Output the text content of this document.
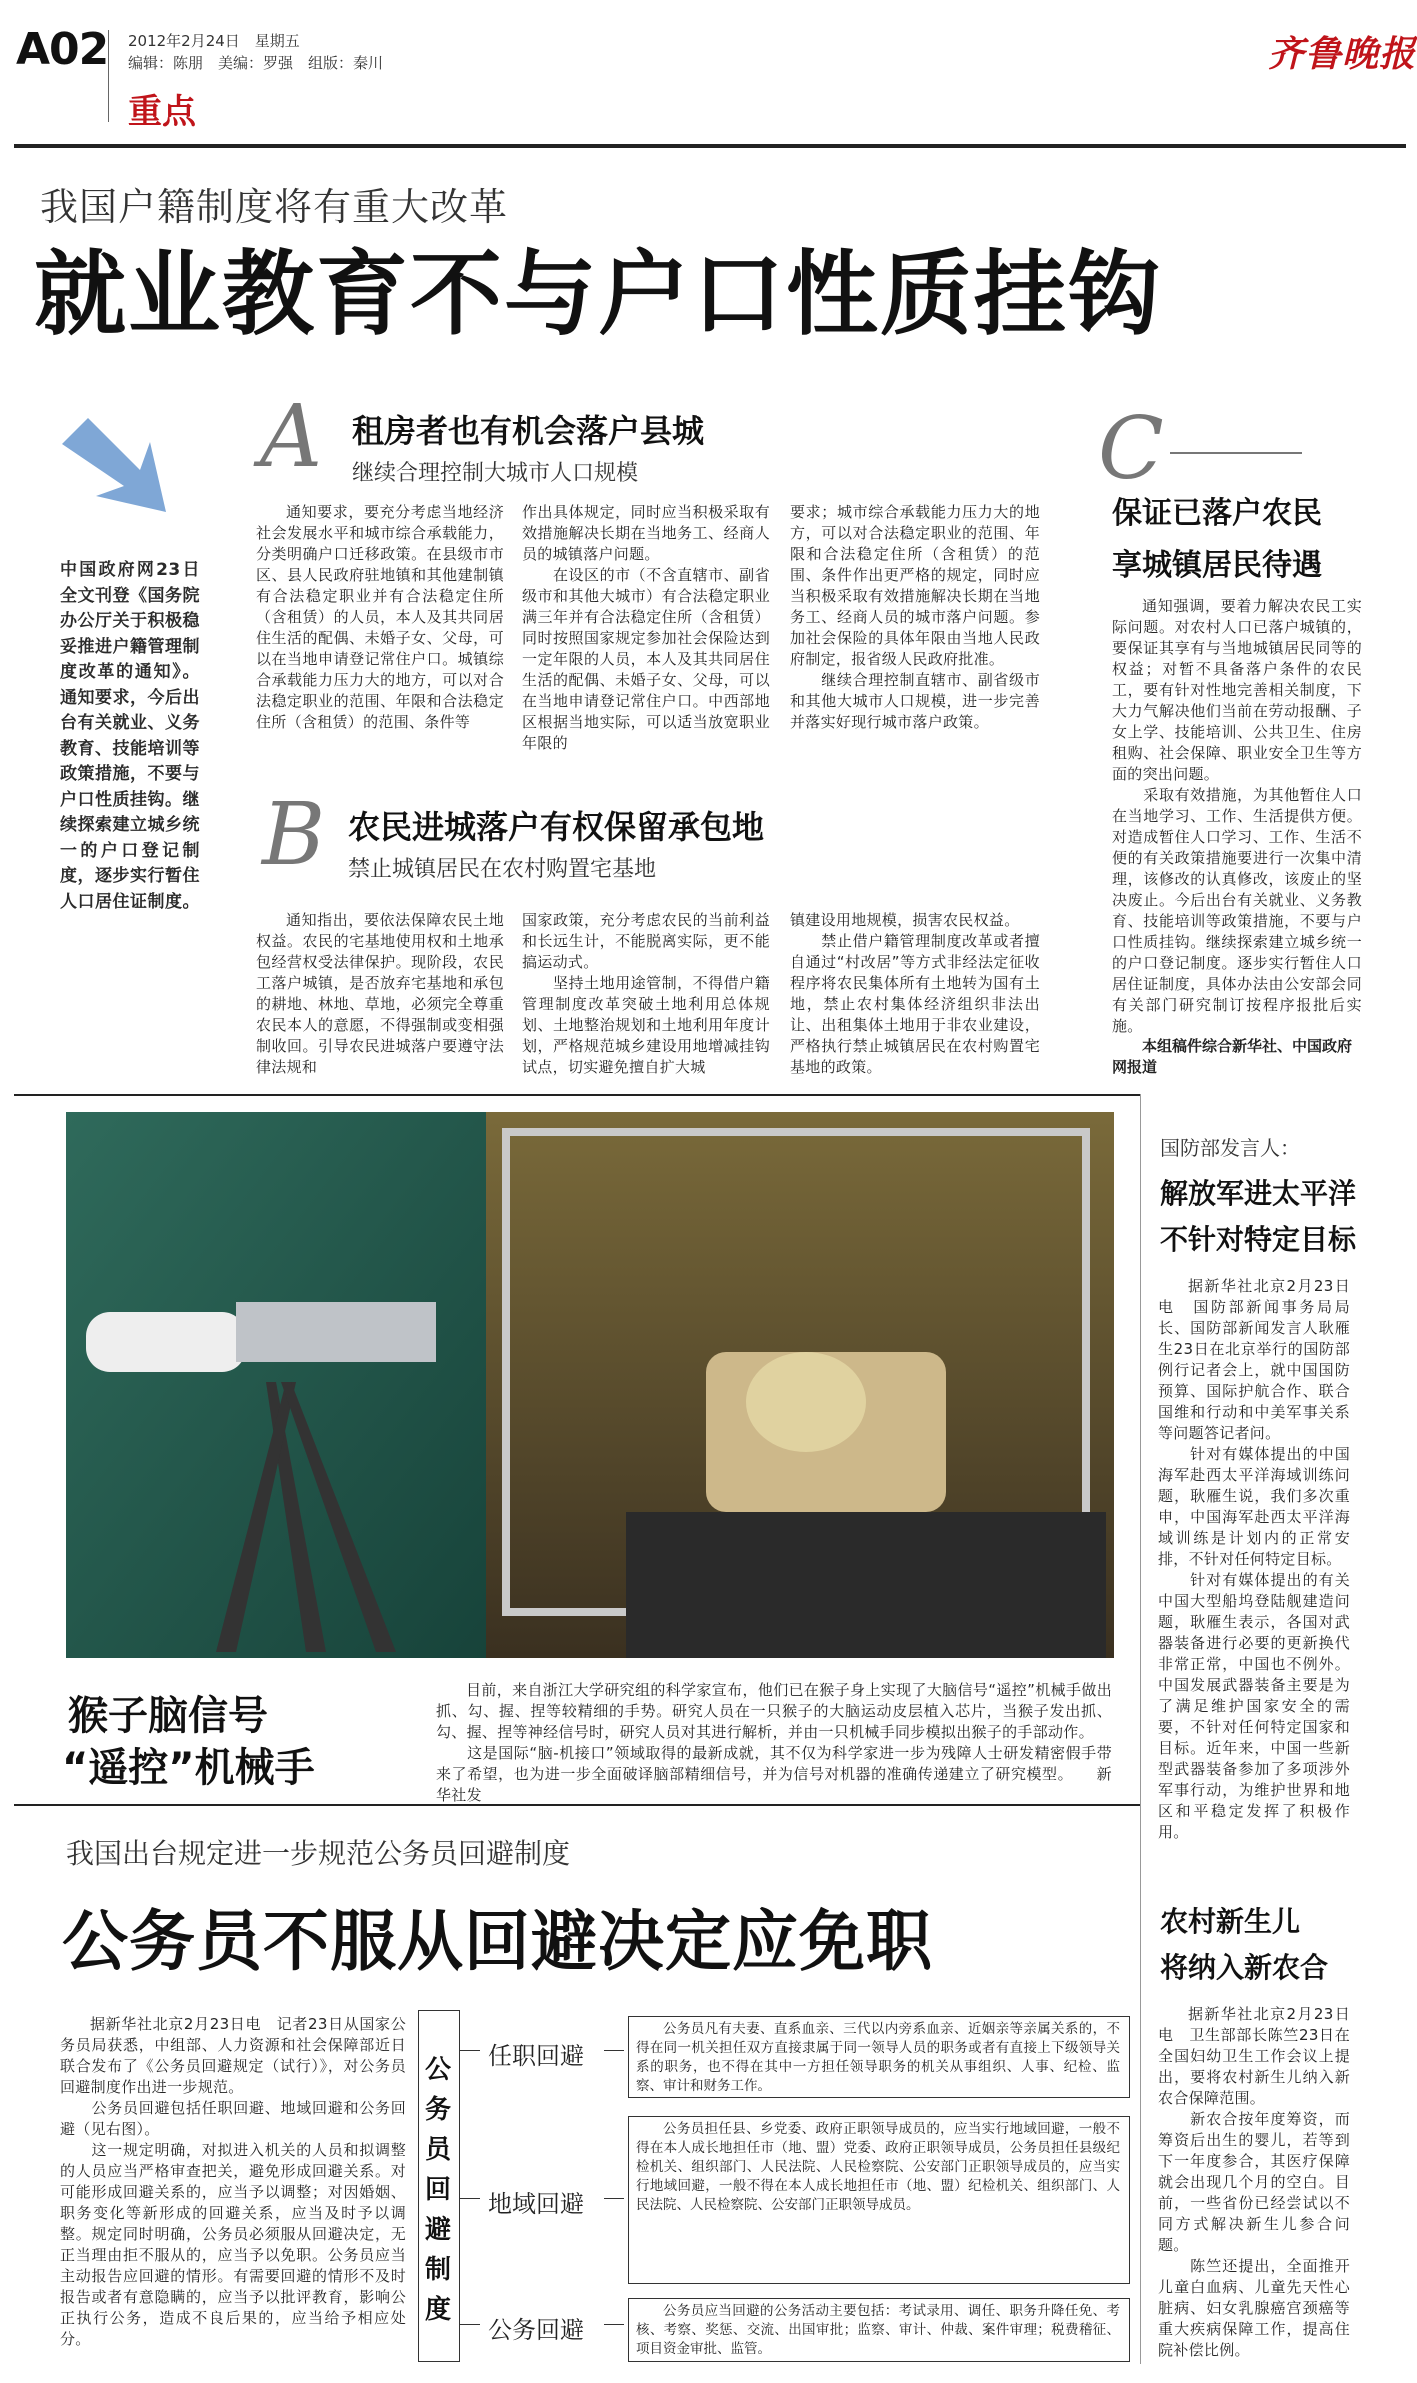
A02 2012年2月24日　星期五
编辑：陈朋　美编：罗强　组版：秦川
重点
齐鲁晚报
我国户籍制度将有重大改革
就业教育不与户口性质挂钩
中国政府网23日全文刊登《国务院办公厅关于积极稳妥推进户籍管理制度改革的通知》。通知要求，今后出台有关就业、义务教育、技能培训等政策措施，不要与户口性质挂钩。继续探索建立城乡统一的户口登记制度，逐步实行暂住人口居住证制度。
A 租房者也有机会落户县城
继续合理控制大城市人口规模
通知要求，要充分考虑当地经济社会发展水平和城市综合承载能力，分类明确户口迁移政策。在县级市市区、县人民政府驻地镇和其他建制镇有合法稳定职业并有合法稳定住所（含租赁）的人员，本人及其共同居住生活的配偶、未婚子女、父母，可以在当地申请登记常住户口。城镇综合承载能力压力大的地方，可以对合法稳定职业的范围、年限和合法稳定住所（含租赁）的范围、条件等
作出具体规定，同时应当积极采取有效措施解决长期在当地务工、经商人员的城镇落户问题。
　　在设区的市（不含直辖市、副省级市和其他大城市）有合法稳定职业满三年并有合法稳定住所（含租赁）同时按照国家规定参加社会保险达到一定年限的人员，本人及其共同居住生活的配偶、未婚子女、父母，可以在当地申请登记常住户口。中西部地区根据当地实际，可以适当放宽职业年限的
要求；城市综合承载能力压力大的地方，可以对合法稳定职业的范围、年限和合法稳定住所（含租赁）的范围、条件作出更严格的规定，同时应当积极采取有效措施解决长期在当地务工、经商人员的城市落户问题。参加社会保险的具体年限由当地人民政府制定，报省级人民政府批准。
　　继续合理控制直辖市、副省级市和其他大城市人口规模，进一步完善并落实好现行城市落户政策。
B 农民进城落户有权保留承包地
禁止城镇居民在农村购置宅基地
通知指出，要依法保障农民土地权益。农民的宅基地使用权和土地承包经营权受法律保护。现阶段，农民工落户城镇，是否放弃宅基地和承包的耕地、林地、草地，必须完全尊重农民本人的意愿，不得强制或变相强制收回。引导农民进城落户要遵守法律法规和
国家政策，充分考虑农民的当前利益和长远生计，不能脱离实际，更不能搞运动式。
　　坚持土地用途管制，不得借户籍管理制度改革突破土地利用总体规划、土地整治规划和土地利用年度计划，严格规范城乡建设用地增减挂钩试点，切实避免擅自扩大城
镇建设用地规模，损害农民权益。
　　禁止借户籍管理制度改革或者擅自通过“村改居”等方式非经法定征收程序将农民集体所有土地转为国有土地，禁止农村集体经济组织非法出让、出租集体土地用于非农业建设，严格执行禁止城镇居民在农村购置宅基地的政策。
C
保证已落户农民
享城镇居民待遇
通知强调，要着力解决农民工实际问题。对农村人口已落户城镇的，要保证其享有与当地城镇居民同等的权益；对暂不具备落户条件的农民工，要有针对性地完善相关制度，下大力气解决他们当前在劳动报酬、子女上学、技能培训、公共卫生、住房租购、社会保障、职业安全卫生等方面的突出问题。
　　采取有效措施，为其他暂住人口在当地学习、工作、生活提供方便。对造成暂住人口学习、工作、生活不便的有关政策措施要进行一次集中清理，该修改的认真修改，该废止的坚决废止。今后出台有关就业、义务教育、技能培训等政策措施，不要与户口性质挂钩。继续探索建立城乡统一的户口登记制度。逐步实行暂住人口居住证制度，具体办法由公安部会同有关部门研究制订按程序报批后实施。
本组稿件综合新华社、中国政府网报道
猴子脑信号
“遥控”机械手
目前，来自浙江大学研究组的科学家宣布，他们已在猴子身上实现了大脑信号“遥控”机械手做出抓、勾、握、捏等较精细的手势。研究人员在一只猴子的大脑运动皮层植入芯片，当猴子发出抓、勾、握、捏等神经信号时，研究人员对其进行解析，并由一只机械手同步模拟出猴子的手部动作。
　　这是国际“脑-机接口”领域取得的最新成就，其不仅为科学家进一步为残障人士研发精密假手带来了希望，也为进一步全面破译脑部精细信号，并为信号对机器的准确传递建立了研究模型。　　新华社发
国防部发言人：
解放军进太平洋
不针对特定目标
据新华社北京2月23日电　国防部新闻事务局局长、国防部新闻发言人耿雁生23日在北京举行的国防部例行记者会上，就中国国防预算、国际护航合作、联合国维和行动和中美军事关系等问题答记者问。
　　针对有媒体提出的中国海军赴西太平洋海域训练问题，耿雁生说，我们多次重申，中国海军赴西太平洋海域训练是计划内的正常安排，不针对任何特定目标。
　　针对有媒体提出的有关中国大型船坞登陆舰建造问题，耿雁生表示，各国对武器装备进行必要的更新换代非常正常，中国也不例外。中国发展武器装备主要是为了满足维护国家安全的需要，不针对任何特定国家和目标。近年来，中国一些新型武器装备参加了多项涉外军事行动，为维护世界和地区和平稳定发挥了积极作用。
农村新生儿
将纳入新农合
据新华社北京2月23日电　卫生部部长陈竺23日在全国妇幼卫生工作会议上提出，要将农村新生儿纳入新农合保障范围。
　　新农合按年度筹资，而筹资后出生的婴儿，若等到下一年度参合，其医疗保障就会出现几个月的空白。目前，一些省份已经尝试以不同方式解决新生儿参合问题。
　　陈竺还提出，全面推开儿童白血病、儿童先天性心脏病、妇女乳腺癌宫颈癌等重大疾病保障工作，提高住院补偿比例。
我国出台规定进一步规范公务员回避制度
公务员不服从回避决定应免职
据新华社北京2月23日电　记者23日从国家公务员局获悉，中组部、人力资源和社会保障部近日联合发布了《公务员回避规定（试行）》，对公务员回避制度作出进一步规范。
　　公务员回避包括任职回避、地域回避和公务回避（见右图）。
　　这一规定明确，对拟进入机关的人员和拟调整的人员应当严格审查把关，避免形成回避关系。对可能形成回避关系的，应当予以调整；对因婚姻、职务变化等新形成的回避关系，应当及时予以调整。规定同时明确，公务员必须服从回避决定，无正当理由拒不服从的，应当予以免职。公务员应当主动报告应回避的情形。有需要回避的情形不及时报告或者有意隐瞒的，应当予以批评教育，影响公正执行公务，造成不良后果的，应当给予相应处分。
公务员回避制度
任职回避
公务员凡有夫妻、直系血亲、三代以内旁系血亲、近姻亲等亲属关系的，不得在同一机关担任双方直接隶属于同一领导人员的职务或者有直接上下级领导关系的职务，也不得在其中一方担任领导职务的机关从事组织、人事、纪检、监察、审计和财务工作。
地域回避
公务员担任县、乡党委、政府正职领导成员的，应当实行地域回避，一般不得在本人成长地担任市（地、盟）党委、政府正职领导成员，公务员担任县级纪检机关、组织部门、人民法院、人民检察院、公安部门正职领导成员的，应当实行地域回避，一般不得在本人成长地担任市（地、盟）纪检机关、组织部门、人民法院、人民检察院、公安部门正职领导成员。
公务回避
公务员应当回避的公务活动主要包括：考试录用、调任、职务升降任免、考核、考察、奖惩、交流、出国审批；监察、审计、仲裁、案件审理；税费稽征、项目资金审批、监管。
